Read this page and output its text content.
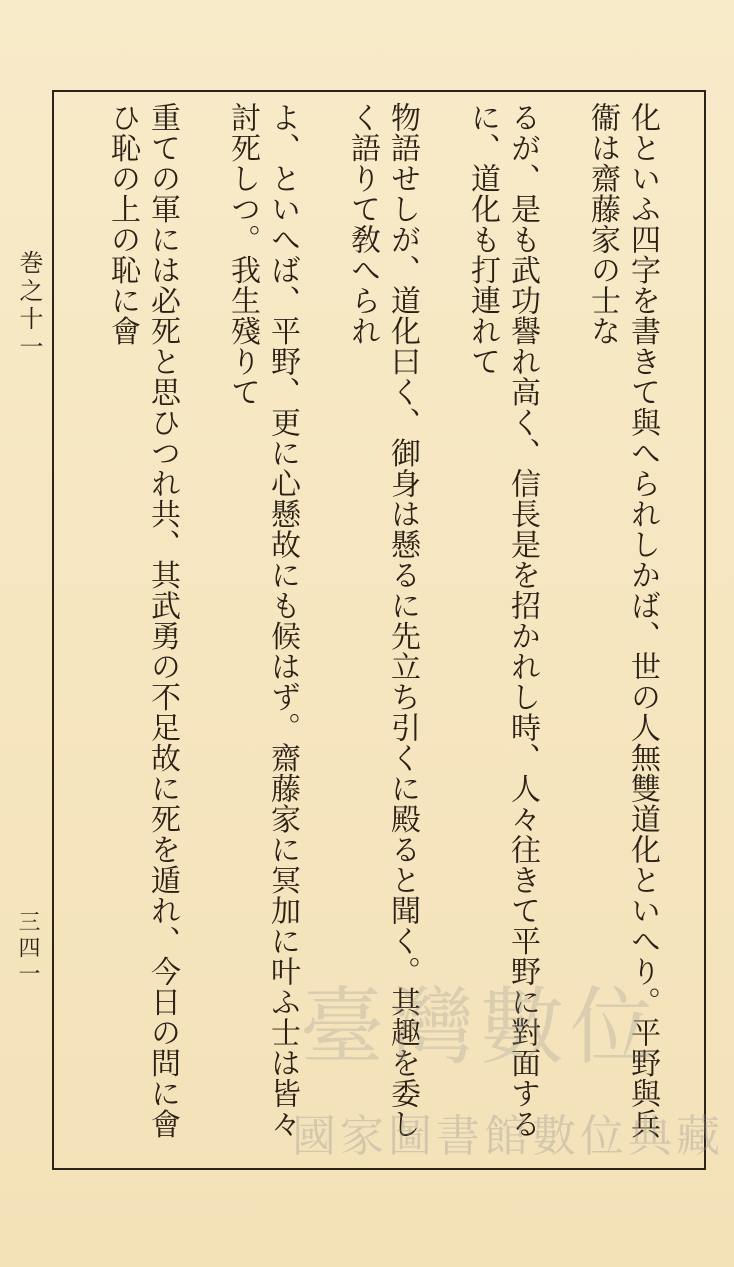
化といふ四字を書きて與へられしかば、世の人無雙道化といへり。平野與兵衞は齋藤家の士な

るが、是も武功譽れ高く、信長是を招かれし時、人々往きて平野に對面するに、道化も打連れて

物語せしが、道化曰く、御身は懸るに先立ち引くに殿ると聞く。其趣を委しく語りて敎へられ

よ、といへば、平野、更に心懸故にも候はず。齋藤家に冥加に叶ふ士は皆々討死しつ。我生殘りて

重ての軍には必死と思ひつれ共、其武勇の不足故に死を遁れ、今日の問に會ひ恥の上の恥に會

巻之十一
三四一
臺灣數位
國家圖書館數位典藏
